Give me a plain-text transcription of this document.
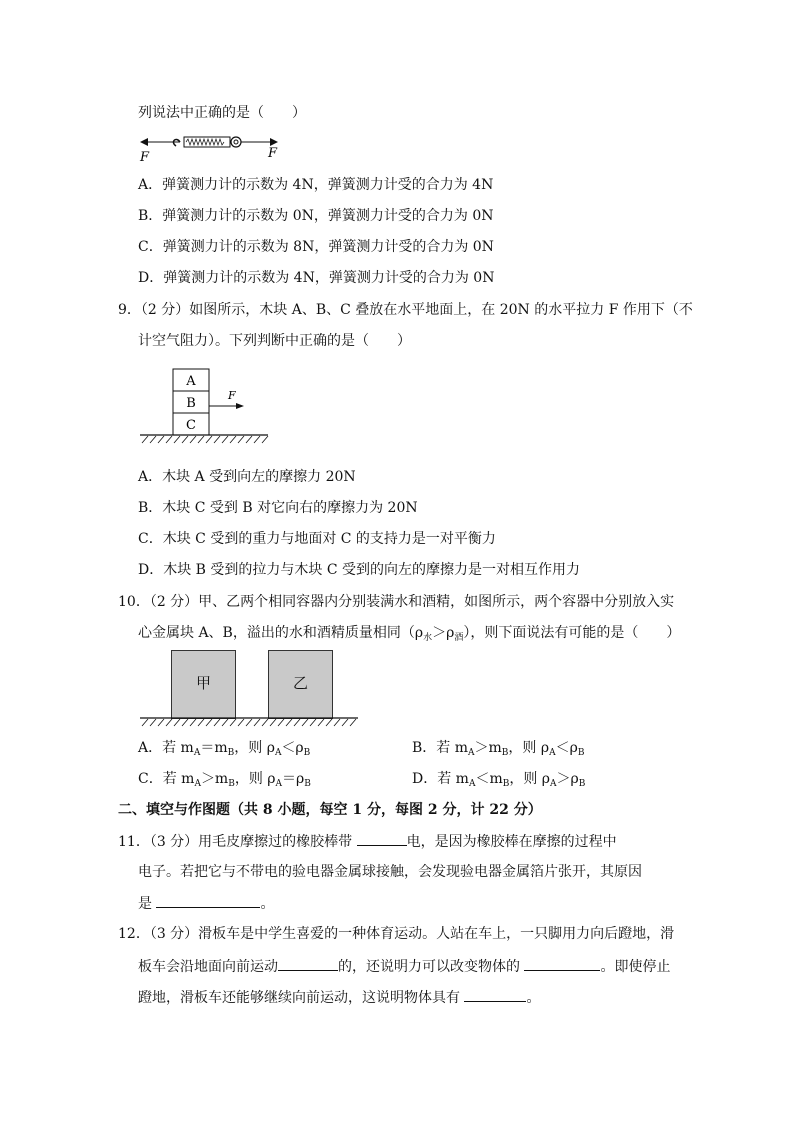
列说法中正确的是（　　）
F	F
A．弹簧测力计的示数为 4N，弹簧测力计受的合力为 4N
B．弹簧测力计的示数为 0N，弹簧测力计受的合力为 0N
C．弹簧测力计的示数为 8N，弹簧测力计受的合力为 0N
D．弹簧测力计的示数为 4N，弹簧测力计受的合力为 0N
9．（2 分）如图所示，木块 A、B、C 叠放在水平地面上，在 20N 的水平拉力 F 作用下（不
计空气阻力）。下列判断中正确的是（　　）
A
B
C
F
A．木块 A 受到向左的摩擦力 20N
B．木块 C 受到 B 对它向右的摩擦力为 20N
C．木块 C 受到的重力与地面对 C 的支持力是一对平衡力
D．木块 B 受到的拉力与木块 C 受到的向左的摩擦力是一对相互作用力
10．（2 分）甲、乙两个相同容器内分别装满水和酒精，如图所示，两个容器中分别放入实
心金属块 A、B，溢出的水和酒精质量相同$(\rho_水>\rho_酒)$，则下面说法有可能的是（　　）
甲	乙
A．若 $m_A=m_B$，则 $\rho_A<\rho_B$	B．若 $m_A>m_B$，则 $\rho_A<\rho_B$
C．若 $m_A>m_B$，则 $\rho_A=\rho_B$	D．若 $m_A<m_B$，则 $\rho_A>\rho_B$
二、填空与作图题（共 8 小题，每空 1 分，每图 2 分，计 22 分）
11．（3 分）用毛皮摩擦过的橡胶棒带	电，是因为橡胶棒在摩擦的过程中
电子。若把它与不带电的验电器金属球接触，会发现验电器金属箔片张开，其原因
是	。
12．（3 分）滑板车是中学生喜爱的一种体育运动。人站在车上，一只脚用力向后蹬地，滑
板车会沿地面向前运动	的，还说明力可以改变物体的	。即使停止
蹬地，滑板车还能够继续向前运动，这说明物体具有	。
